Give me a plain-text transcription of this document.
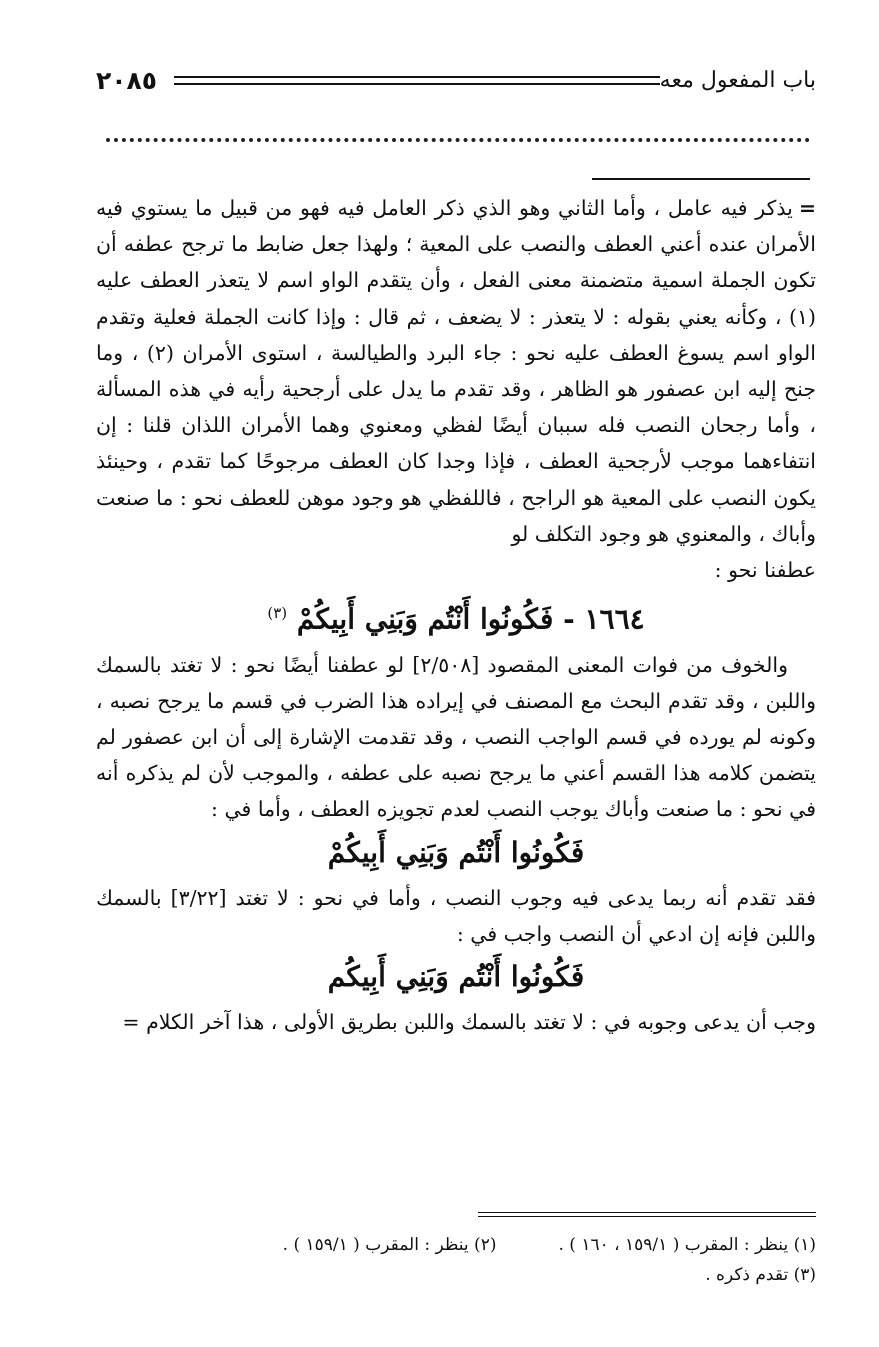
٢٠٨٥	باب المفعول معه

=يذكر فيه عامل ، وأما الثاني وهو الذي ذكر العامل فيه فهو من قبيل ما يستوي فيه الأمران عنده أعني العطف والنصب على المعية ؛ ولهذا جعل ضابط ما ترجح عطفه أن تكون الجملة اسمية متضمنة معنى الفعل ، وأن يتقدم الواو اسم لا يتعذر العطف عليه (١) ، وكأنه يعني بقوله : لا يتعذر : لا يضعف ، ثم قال : وإذا كانت الجملة فعلية وتقدم الواو اسم يسوغ العطف عليه نحو : جاء البرد والطيالسة ، استوى الأمران (٢) ، وما جنح إليه ابن عصفور هو الظاهر ، وقد تقدم ما يدل على أرجحية رأيه في هذه المسألة ، وأما رجحان النصب فله سببان أيضًا لفظي ومعنوي وهما الأمران اللذان قلنا : إن انتفاءهما موجب لأرجحية العطف ، فإذا وجدا كان العطف مرجوحًا كما تقدم ، وحينئذ يكون النصب على المعية هو الراجح ، فاللفظي هو وجود موهن للعطف نحو : ما صنعت وأباك ، والمعنوي هو وجود التكلف لو

عطفنا نحو :

١٦٦٤ - فَكُونُوا أَنْتُم وَبَنِي أَبِيكُمْ $^{(٣)}$

والخوف من فوات المعنى المقصود [٢/٥٠٨] لو عطفنا أيضًا نحو : لا تغتد بالسمك واللبن ، وقد تقدم البحث مع المصنف في إيراده هذا الضرب في قسم ما يرجح نصبه ، وكونه لم يورده في قسم الواجب النصب ، وقد تقدمت الإشارة إلى أن ابن عصفور لم يتضمن كلامه هذا القسم أعني ما يرجح نصبه على عطفه ، والموجب لأن لم يذكره أنه في نحو : ما صنعت وأباك يوجب النصب لعدم تجويزه العطف ، وأما في :

فَكُونُوا أَنْتُم وَبَنِي أَبِيكُمْ

فقد تقدم أنه ربما يدعى فيه وجوب النصب ، وأما في نحو : لا تغتد [٣/٢٢] بالسمك واللبن فإنه إن ادعي أن النصب واجب في :

فَكُونُوا أَنْتُم وَبَنِي أَبِيكُم

وجب أن يدعى وجوبه في : لا تغتد بالسمك واللبن بطريق الأولى ، هذا آخر الكلام =

(١) ينظر : المقرب ( ١٥٩/١ ، ١٦٠ ) .
(٢) ينظر : المقرب ( ١٥٩/١ ) .
(٣) تقدم ذكره .
